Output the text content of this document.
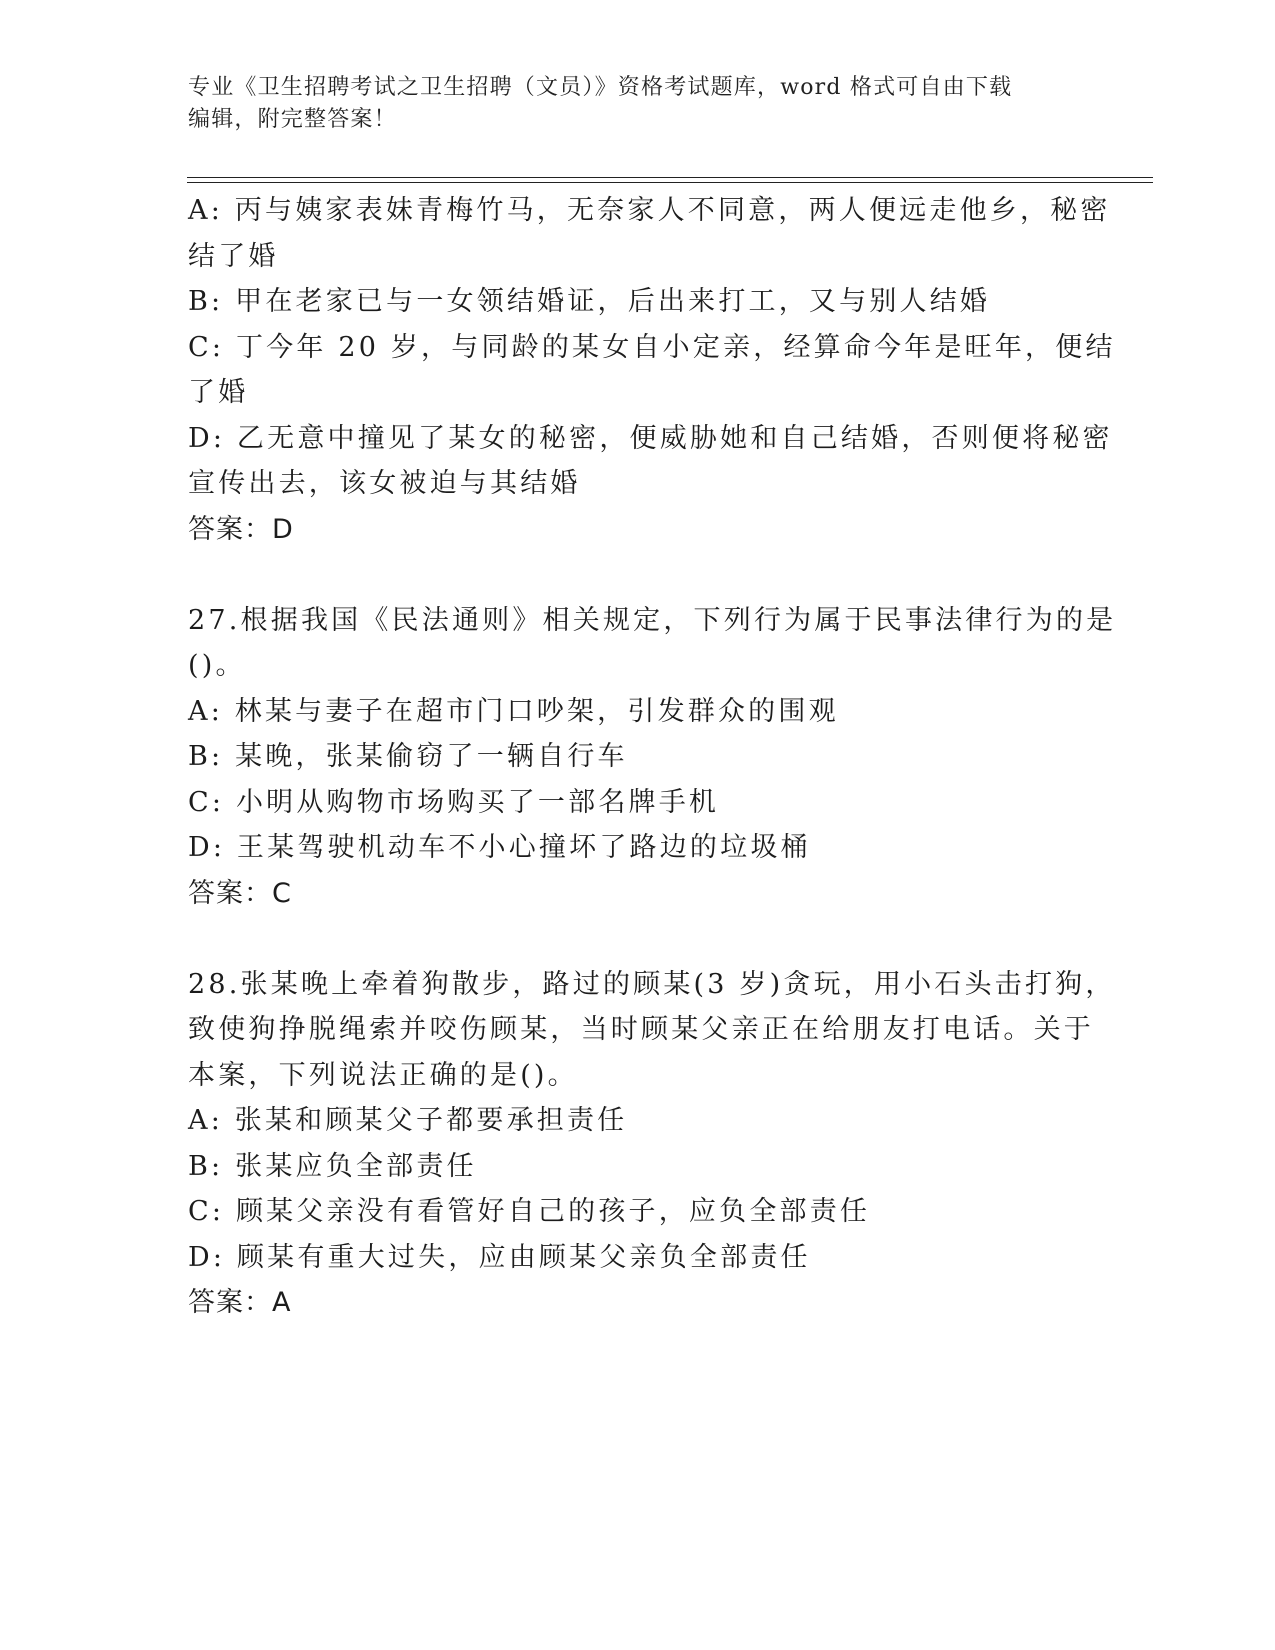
专业《卫生招聘考试之卫生招聘（文员）》资格考试题库，word 格式可自由下载
编辑，附完整答案！
A: 丙与姨家表妹青梅竹马，无奈家人不同意，两人便远走他乡，秘密
结了婚
B: 甲在老家已与一女领结婚证，后出来打工，又与别人结婚
C: 丁今年 20 岁，与同龄的某女自小定亲，经算命今年是旺年，便结
了婚
D: 乙无意中撞见了某女的秘密，便威胁她和自己结婚，否则便将秘密
宣传出去，该女被迫与其结婚
答案：D
27.根据我国《民法通则》相关规定，下列行为属于民事法律行为的是
()。
A: 林某与妻子在超市门口吵架，引发群众的围观
B: 某晚，张某偷窃了一辆自行车
C: 小明从购物市场购买了一部名牌手机
D: 王某驾驶机动车不小心撞坏了路边的垃圾桶
答案：C
28.张某晚上牵着狗散步，路过的顾某(3 岁)贪玩，用小石头击打狗，
致使狗挣脱绳索并咬伤顾某，当时顾某父亲正在给朋友打电话。关于
本案，下列说法正确的是()。
A: 张某和顾某父子都要承担责任
B: 张某应负全部责任
C: 顾某父亲没有看管好自己的孩子，应负全部责任
D: 顾某有重大过失，应由顾某父亲负全部责任
答案：A
